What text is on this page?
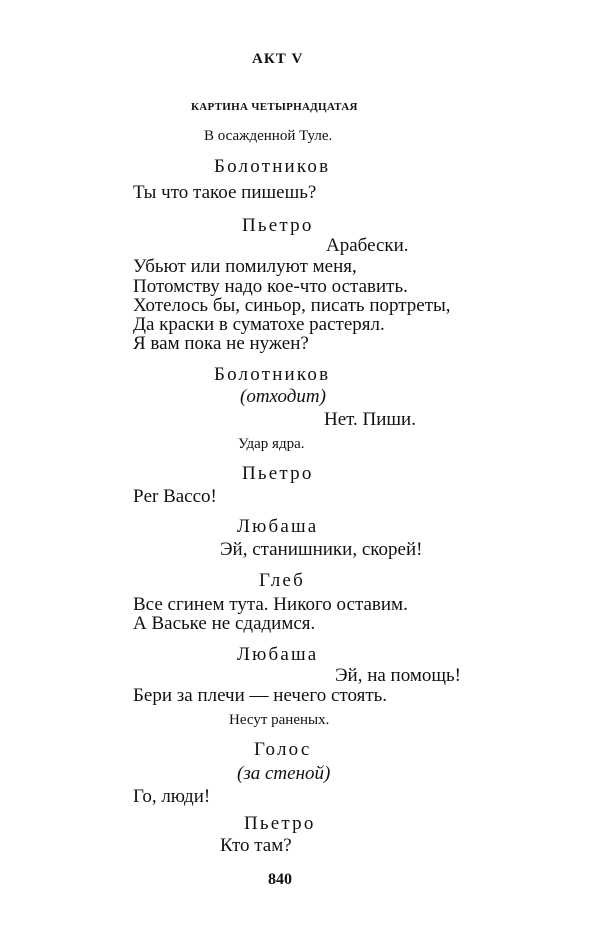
АКТ V
КАРТИНА ЧЕТЫРНАДЦАТАЯ
В осажденной Туле.
Болотников
Ты что такое пишешь?
Пьетро
Арабески.
Убьют или помилуют меня,
Потомству надо кое-что оставить.
Хотелось бы, синьор, писать портреты,
Да краски в суматохе растерял.
Я вам пока не нужен?
Болотников
(отходит)
Нет. Пиши.
Удар ядра.
Пьетро
Per Bacco!
Любаша
Эй, станишники, скорей!
Глеб
Все сгинем тута. Никого оставим.
А Ваське не сдадимся.
Любаша
Эй, на помощь!
Бери за плечи — нечего стоять.
Несут раненых.
Голос
(за стеной)
Го, люди!
Пьетро
Кто там?
840
